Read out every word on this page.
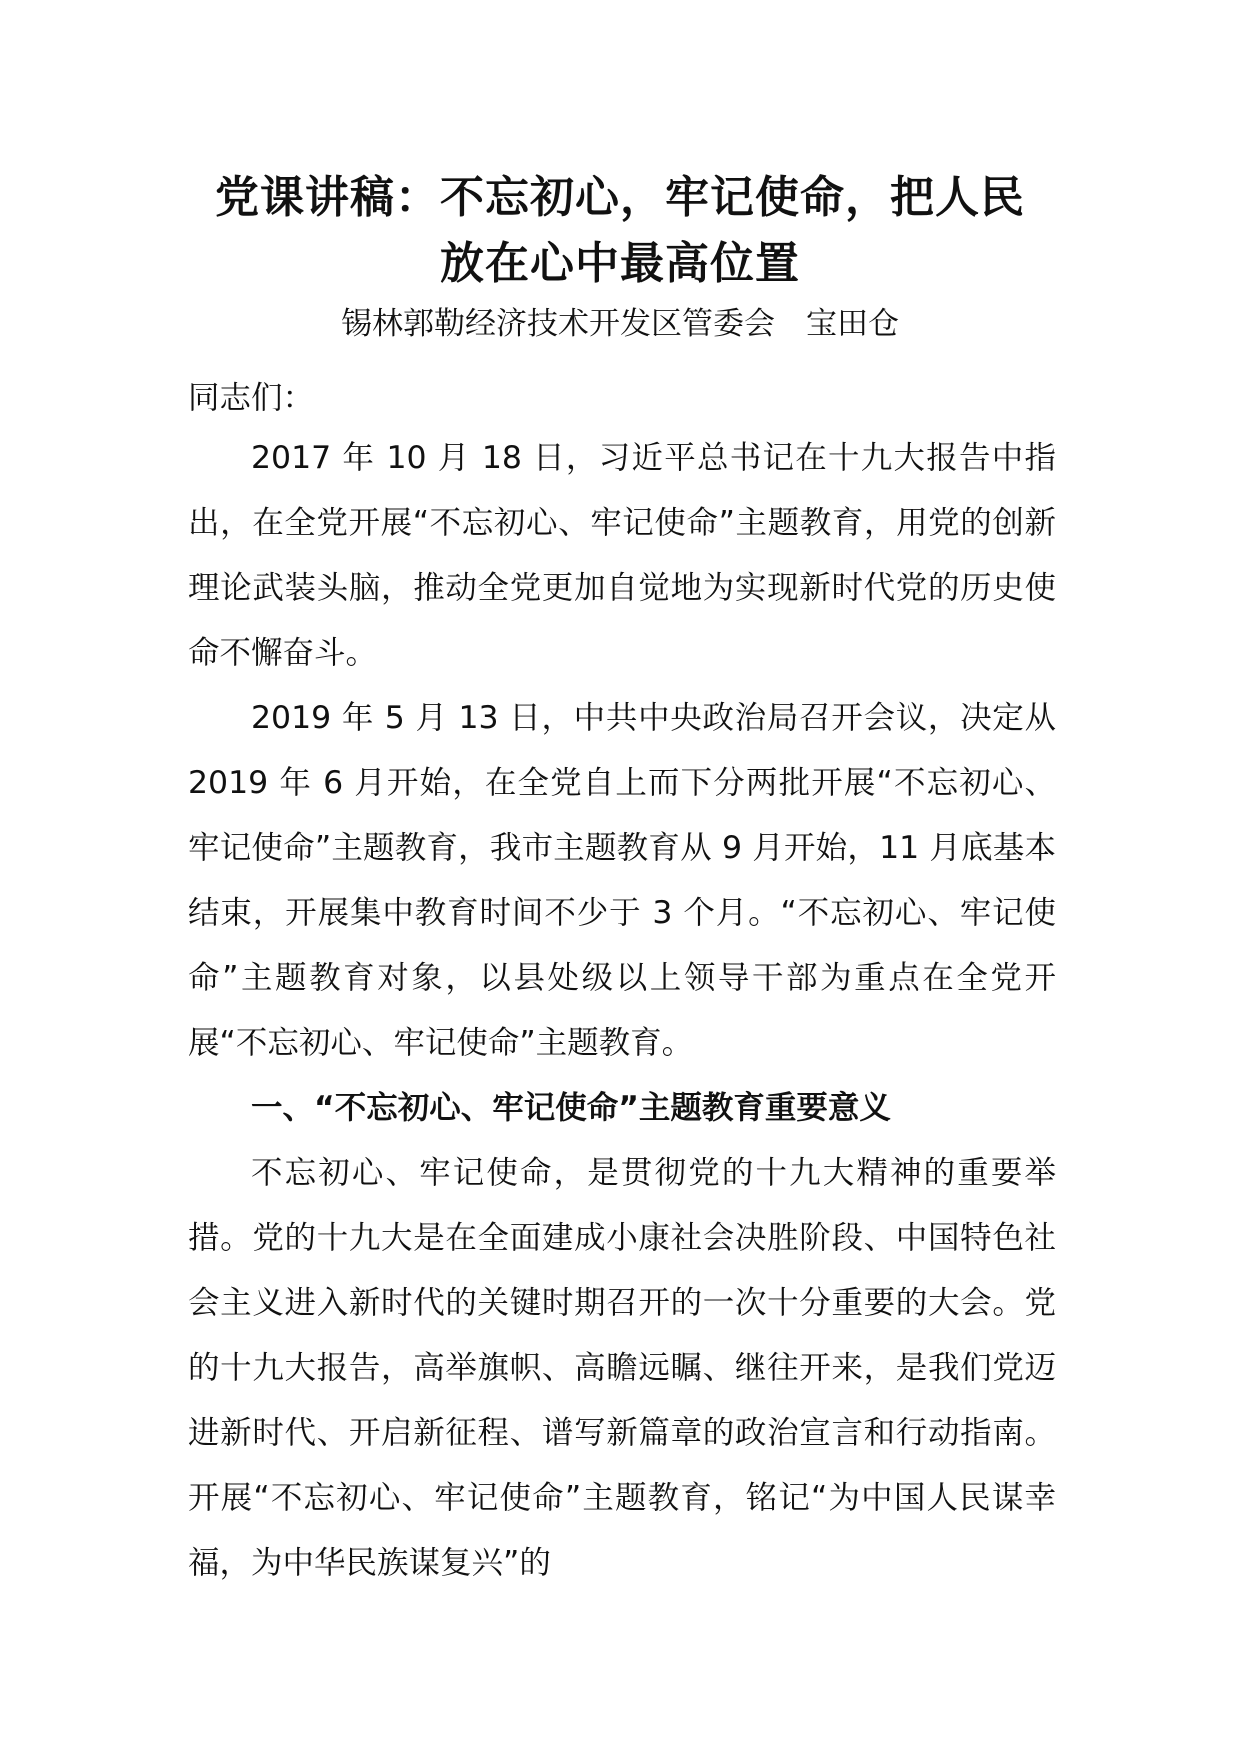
党课讲稿：不忘初心，牢记使命，把人民
放在心中最高位置
锡林郭勒经济技术开发区管委会　宝田仓

同志们：

2017 年 10 月 18 日，习近平总书记在十九大报告中指出，在全党开展“不忘初心、牢记使命”主题教育，用党的创新理论武装头脑，推动全党更加自觉地为实现新时代党的历史使命不懈奋斗。

2019 年 5 月 13 日，中共中央政治局召开会议，决定从 2019 年 6 月开始，在全党自上而下分两批开展“不忘初心、牢记使命”主题教育，我市主题教育从 9 月开始，11 月底基本结束，开展集中教育时间不少于 3 个月。“不忘初心、牢记使命”主题教育对象，以县处级以上领导干部为重点在全党开展“不忘初心、牢记使命”主题教育。

一、“不忘初心、牢记使命”主题教育重要意义

不忘初心、牢记使命，是贯彻党的十九大精神的重要举措。党的十九大是在全面建成小康社会决胜阶段、中国特色社会主义进入新时代的关键时期召开的一次十分重要的大会。党的十九大报告，高举旗帜、高瞻远瞩、继往开来，是我们党迈进新时代、开启新征程、谱写新篇章的政治宣言和行动指南。开展“不忘初心、牢记使命”主题教育，铭记“为中国人民谋幸福，为中华民族谋复兴”的
